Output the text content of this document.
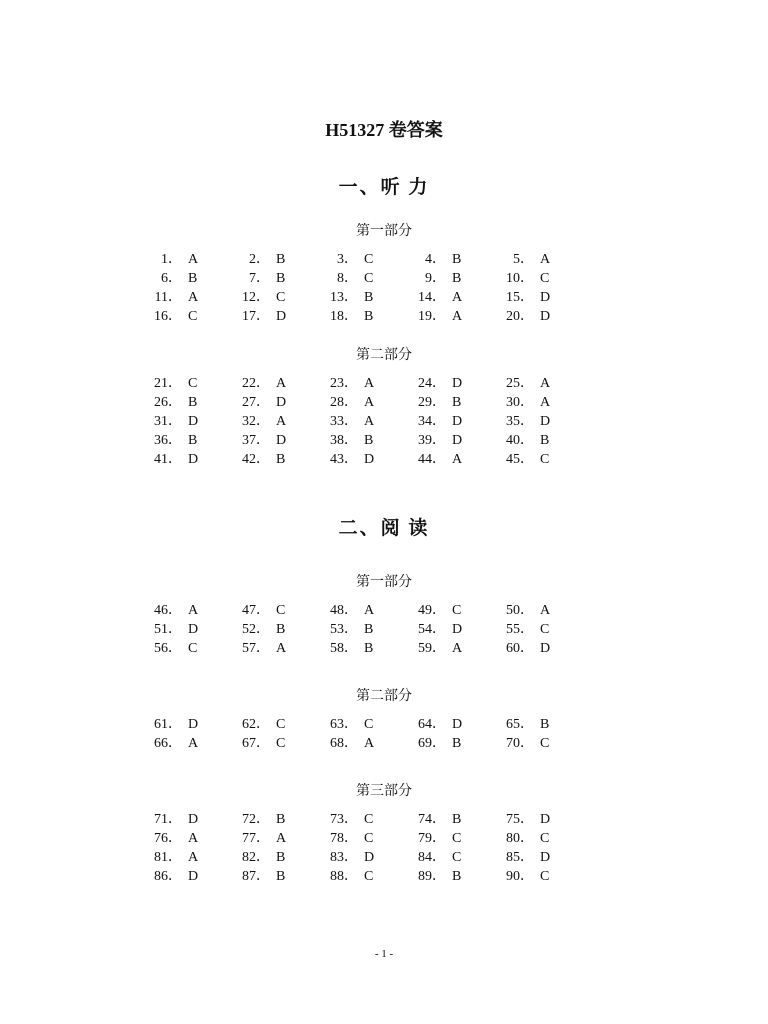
H51327 卷答案
一、听 力
第一部分
第二部分
二、阅 读
第一部分
第二部分
第三部分
- 1 -
1． A	2． B	3． C	4． B	5． A
6． B	7． B	8． C	9． B	10． C
11． A	12． C	13． B	14． A	15． D
16． C	17． D	18． B	19． A	20． D
21． C	22． A	23． A	24． D	25． A
26． B	27． D	28． A	29． B	30． A
31． D	32． A	33． A	34． D	35． D
36． B	37． D	38． B	39． D	40． B
41． D	42． B	43． D	44． A	45． C
46． A	47． C	48． A	49． C	50． A
51． D	52． B	53． B	54． D	55． C
56． C	57． A	58． B	59． A	60． D
61． D	62． C	63． C	64． D	65． B
66． A	67． C	68． A	69． B	70． C
71． D	72． B	73． C	74． B	75． D
76． A	77． A	78． C	79． C	80． C
81． A	82． B	83． D	84． C	85． D
86． D	87． B	88． C	89． B	90． C
